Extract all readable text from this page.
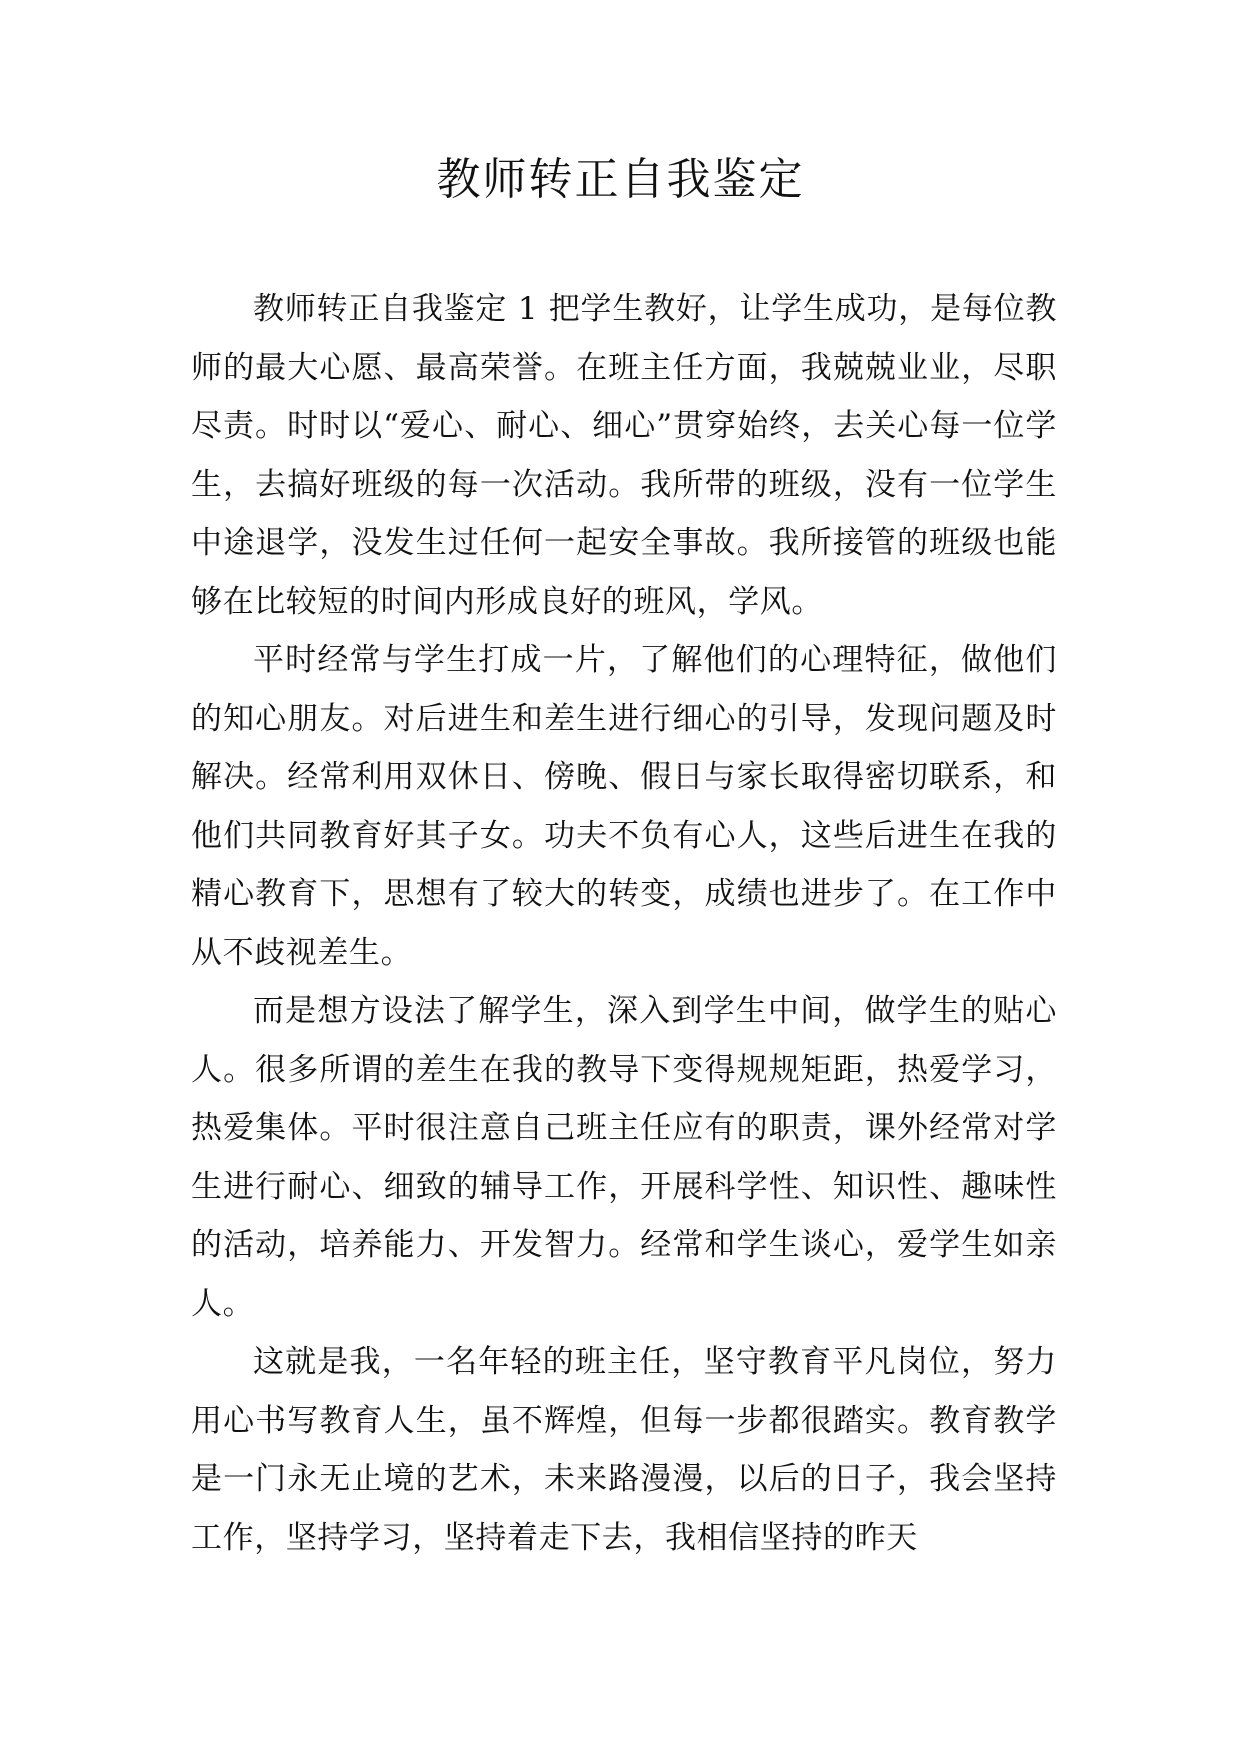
教师转正自我鉴定

教师转正自我鉴定 1 把学生教好，让学生成功，是每位教师的最大心愿、最高荣誉。在班主任方面，我兢兢业业，尽职尽责。时时以“爱心、耐心、细心”贯穿始终，去关心每一位学生，去搞好班级的每一次活动。我所带的班级，没有一位学生中途退学，没发生过任何一起安全事故。我所接管的班级也能够在比较短的时间内形成良好的班风，学风。

平时经常与学生打成一片，了解他们的心理特征，做他们的知心朋友。对后进生和差生进行细心的引导，发现问题及时解决。经常利用双休日、傍晚、假日与家长取得密切联系，和他们共同教育好其子女。功夫不负有心人，这些后进生在我的精心教育下，思想有了较大的转变，成绩也进步了。在工作中从不歧视差生。

而是想方设法了解学生，深入到学生中间，做学生的贴心人。很多所谓的差生在我的教导下变得规规矩距，热爱学习，热爱集体。平时很注意自己班主任应有的职责，课外经常对学生进行耐心、细致的辅导工作，开展科学性、知识性、趣味性的活动，培养能力、开发智力。经常和学生谈心，爱学生如亲人。

这就是我，一名年轻的班主任，坚守教育平凡岗位，努力用心书写教育人生，虽不辉煌，但每一步都很踏实。教育教学是一门永无止境的艺术，未来路漫漫，以后的日子，我会坚持工作，坚持学习，坚持着走下去，我相信坚持的昨天
